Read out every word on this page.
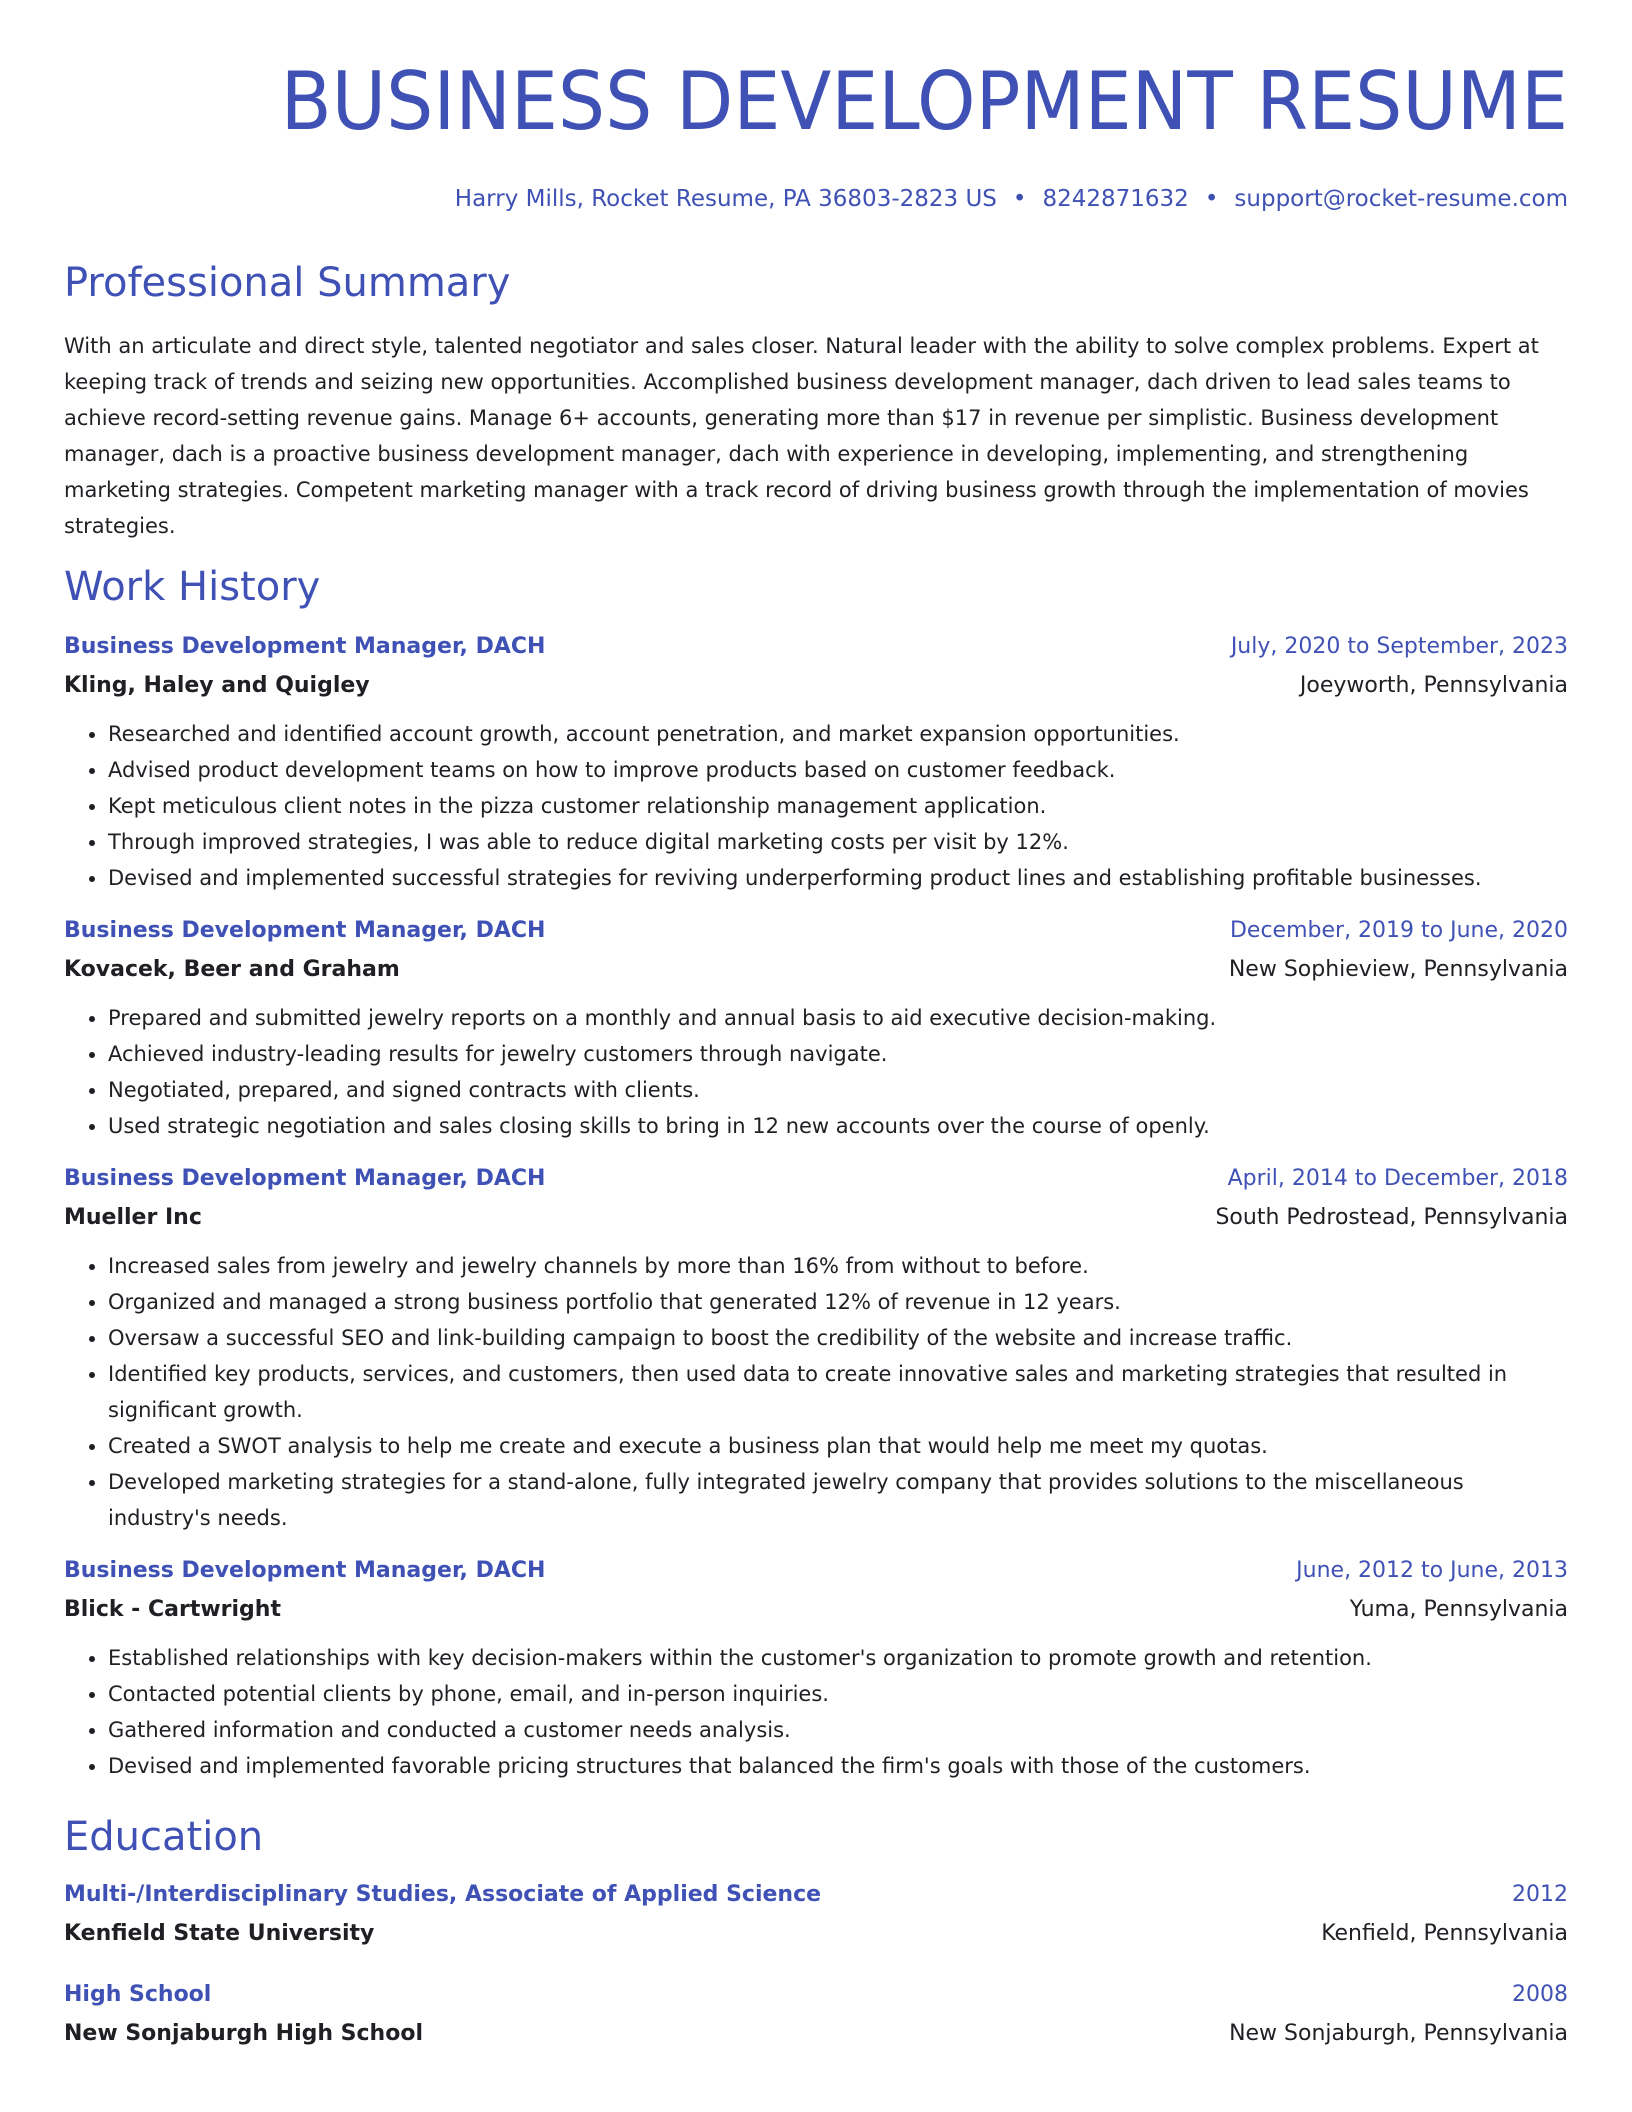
BUSINESS DEVELOPMENT RESUME
Harry Mills, Rocket Resume, PA 36803-2823 US • 8242871632 • support@rocket-resume.com
Professional Summary
With an articulate and direct style, talented negotiator and sales closer. Natural leader with the ability to solve complex problems. Expert at keeping track of trends and seizing new opportunities. Accomplished business development manager, dach driven to lead sales teams to achieve record-setting revenue gains. Manage 6+ accounts, generating more than $17 in revenue per simplistic. Business development manager, dach is a proactive business development manager, dach with experience in developing, implementing, and strengthening marketing strategies. Competent marketing manager with a track record of driving business growth through the implementation of movies strategies.
Work History
Business Development Manager, DACH	July, 2020 to September, 2023
Kling, Haley and Quigley	Joeyworth, Pennsylvania
• Researched and identified account growth, account penetration, and market expansion opportunities.
• Advised product development teams on how to improve products based on customer feedback.
• Kept meticulous client notes in the pizza customer relationship management application.
• Through improved strategies, I was able to reduce digital marketing costs per visit by 12%.
• Devised and implemented successful strategies for reviving underperforming product lines and establishing profitable businesses.
Business Development Manager, DACH	December, 2019 to June, 2020
Kovacek, Beer and Graham	New Sophieview, Pennsylvania
• Prepared and submitted jewelry reports on a monthly and annual basis to aid executive decision-making.
• Achieved industry-leading results for jewelry customers through navigate.
• Negotiated, prepared, and signed contracts with clients.
• Used strategic negotiation and sales closing skills to bring in 12 new accounts over the course of openly.
Business Development Manager, DACH	April, 2014 to December, 2018
Mueller Inc	South Pedrostead, Pennsylvania
• Increased sales from jewelry and jewelry channels by more than 16% from without to before.
• Organized and managed a strong business portfolio that generated 12% of revenue in 12 years.
• Oversaw a successful SEO and link-building campaign to boost the credibility of the website and increase traffic.
• Identified key products, services, and customers, then used data to create innovative sales and marketing strategies that resulted in significant growth.
• Created a SWOT analysis to help me create and execute a business plan that would help me meet my quotas.
• Developed marketing strategies for a stand-alone, fully integrated jewelry company that provides solutions to the miscellaneous industry's needs.
Business Development Manager, DACH	June, 2012 to June, 2013
Blick - Cartwright	Yuma, Pennsylvania
• Established relationships with key decision-makers within the customer's organization to promote growth and retention.
• Contacted potential clients by phone, email, and in-person inquiries.
• Gathered information and conducted a customer needs analysis.
• Devised and implemented favorable pricing structures that balanced the firm's goals with those of the customers.
Education
Multi-/Interdisciplinary Studies, Associate of Applied Science	2012
Kenfield State University	Kenfield, Pennsylvania
High School	2008
New Sonjaburgh High School	New Sonjaburgh, Pennsylvania
